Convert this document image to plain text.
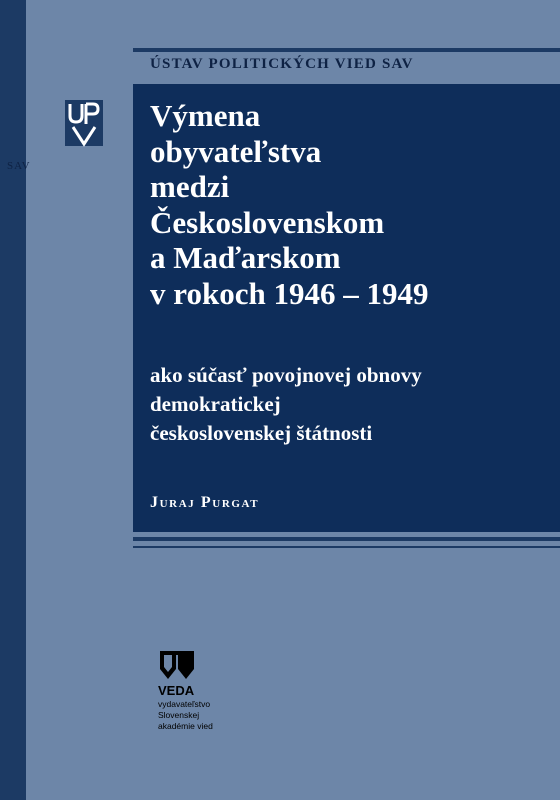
ÚSTAV POLITICKÝCH VIED SAV
SAV
Výmena
obyvateľstva
medzi
Československom
a Maďarskom
v rokoch 1946 – 1949
ako súčasť povojnovej obnovy
demokratickej
československej štátnosti
Juraj Purgat
VEDA
vydavateľstvo
Slovenskej
akadémie vied
